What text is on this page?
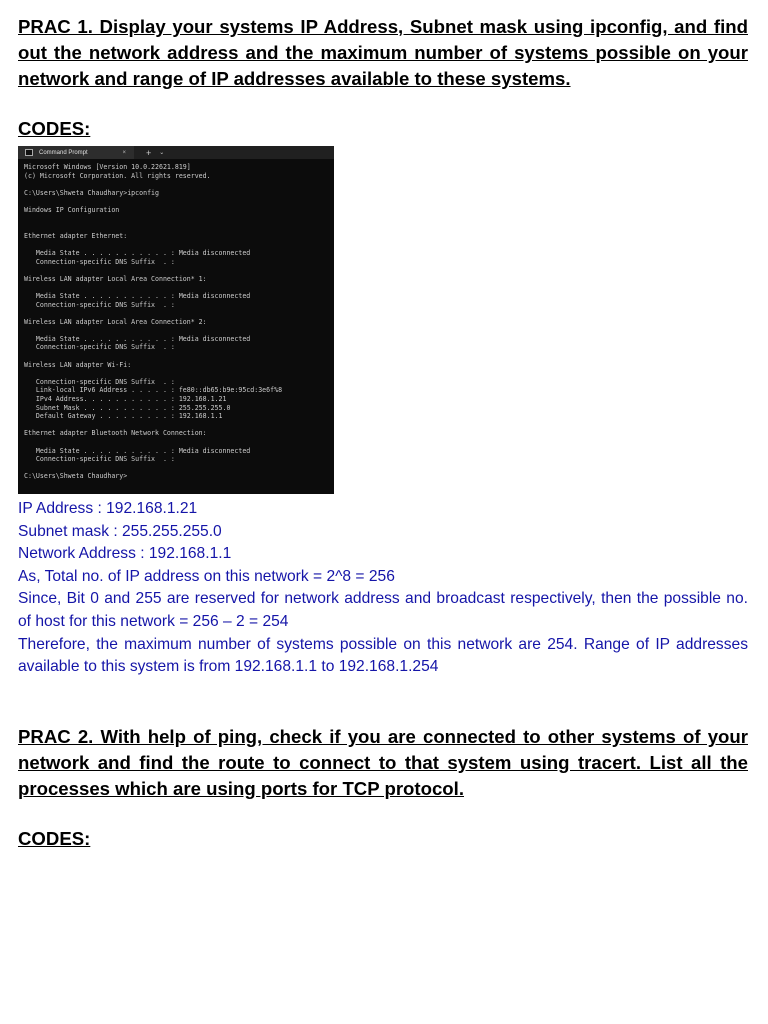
PRAC 1. Display your systems IP Address, Subnet mask using ipconfig, and find out the network address and the maximum number of systems possible on your network and range of IP addresses available to these systems.

CODES:

Command Prompt	× + ⌄
Microsoft Windows [Version 10.0.22621.819]
(c) Microsoft Corporation. All rights reserved.
C:\Users\Shweta Chaudhary>ipconfig
Windows IP Configuration
Ethernet adapter Ethernet:
Media State . . . . . . . . . . . : Media disconnected
Connection-specific DNS Suffix  . :
Wireless LAN adapter Local Area Connection* 1:
Media State . . . . . . . . . . . : Media disconnected
Connection-specific DNS Suffix  . :
Wireless LAN adapter Local Area Connection* 2:
Media State . . . . . . . . . . . : Media disconnected
Connection-specific DNS Suffix  . :
Wireless LAN adapter Wi-Fi:
Connection-specific DNS Suffix  . :
Link-local IPv6 Address . . . . . : fe80::db65:b9e:95cd:3e6f%8
IPv4 Address. . . . . . . . . . . : 192.168.1.21
Subnet Mask . . . . . . . . . . . : 255.255.255.0
Default Gateway . . . . . . . . . : 192.168.1.1
Ethernet adapter Bluetooth Network Connection:
Media State . . . . . . . . . . . : Media disconnected
Connection-specific DNS Suffix  . :
C:\Users\Shweta Chaudhary>
IP Address : 192.168.1.21
Subnet mask : 255.255.255.0
Network Address : 192.168.1.1
As, Total no. of IP address on this network = 2^8 = 256
Since, Bit 0 and 255 are reserved for network address and broadcast respectively, then the possible no. of host for this network = 256 – 2 = 254
Therefore, the maximum number of systems possible on this network are 254. Range of IP addresses available to this system is from 192.168.1.1 to 192.168.1.254

PRAC 2. With help of ping, check if you are connected to other systems of your network and find the route to connect to that system using tracert. List all the processes which are using ports for TCP protocol.

CODES:
